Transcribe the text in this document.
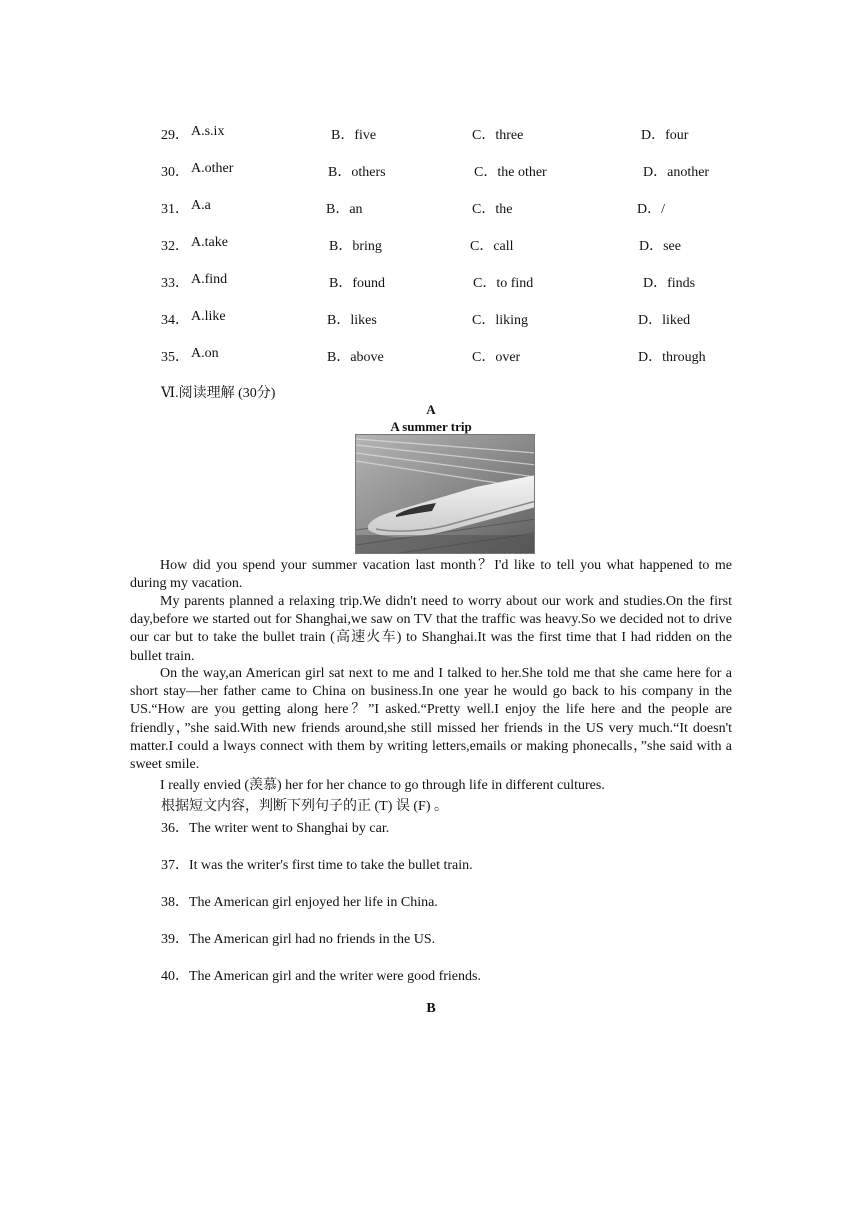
29． A.s.ix	B．five	C．three	D．four
30． A.other	B．others	C．the other	D．another
31． A.a	B．an	C．the	D．/
32． A.take	B．bring	C．call	D．see
33． A.find	B．found	C．to find	D．finds
34． A.like	B．likes	C．liking	D．liked
35． A.on	B．above	C．over	D．through
Ⅵ.阅读理解 (30分)
A
A summer trip

How did you spend your summer vacation last month？I'd like to tell you what happened to me during my vacation.

My parents planned a relaxing trip.We didn't need to worry about our work and studies.On the first day,before we started out for Shanghai,we saw on TV that the traffic was heavy.So we decided not to drive our car but to take the bullet train (高速火车) to Shanghai.It was the first time that I had ridden on the bullet train.

On the way,an American girl sat next to me and I talked to her.She told me that she came here for a short stay—her father came to China on business.In one year he would go back to his company in the US.“How are you getting along here？”I asked.“Pretty well.I enjoy the life here and the people are friendly，”she said.With new friends around,she still missed her friends in the US very much.“It doesn't matter.I could a lways connect with them by writing letters,emails or making phonecalls，”she said with a sweet smile.

I really envied (羡慕) her for her chance to go through life in different cultures.

根据短文内容，判断下列句子的正 (T) 误 (F) 。
36．The writer went to Shanghai by car.
37．It was the writer's first time to take the bullet train.
38．The American girl enjoyed her life in China.
39．The American girl had no friends in the US.
40．The American girl and the writer were good friends.
B
